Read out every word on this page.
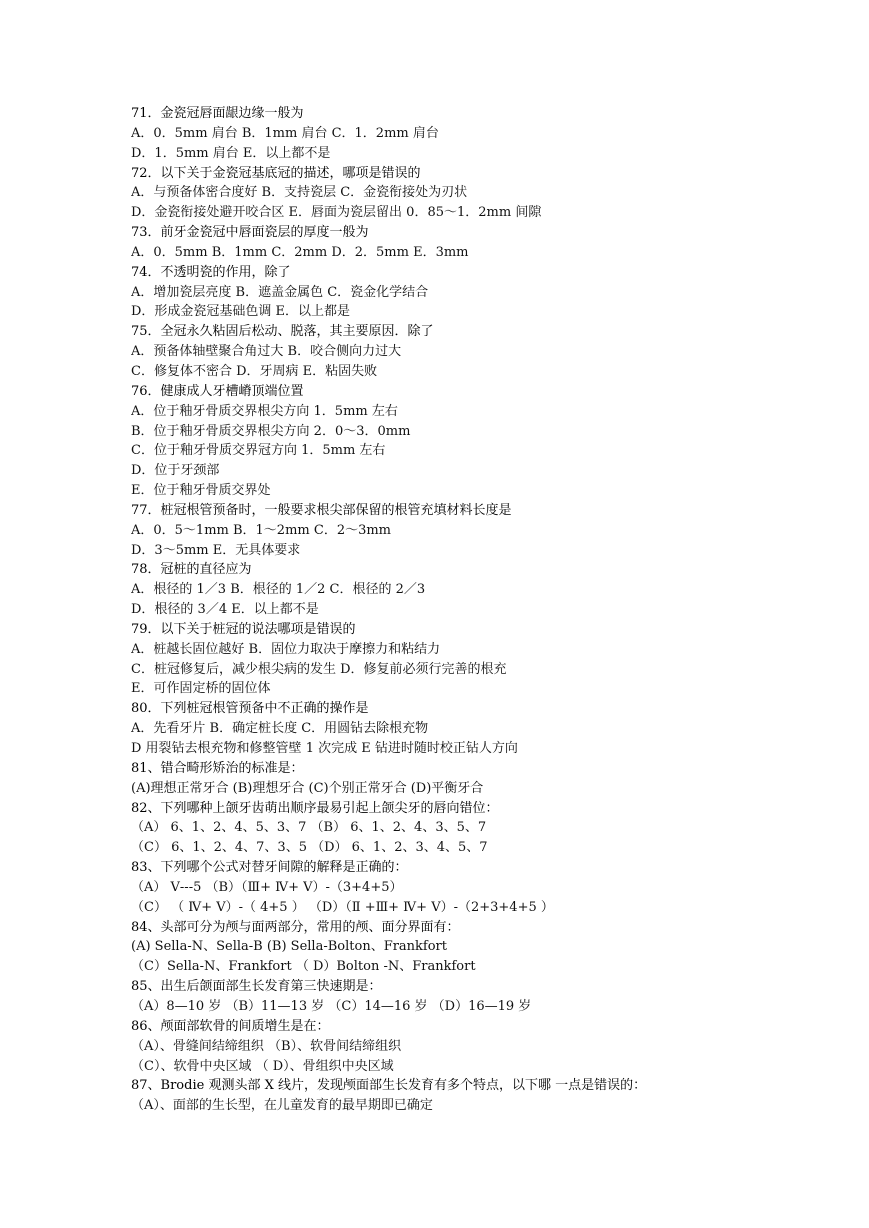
71．金瓷冠唇面龈边缘一般为
A．0．5mm 肩台 B．1mm 肩台 C．1．2mm 肩台
D．1．5mm 肩台 E．以上都不是
72．以下关于金瓷冠基底冠的描述，哪项是错误的
A．与预备体密合度好 B．支持瓷层 C．金瓷衔接处为刃状
D．金瓷衔接处避开咬合区 E．唇面为瓷层留出 0．85～1．2mm 间隙
73．前牙金瓷冠中唇面瓷层的厚度一般为
A．0．5mm B．1mm C．2mm D．2．5mm E．3mm
74．不透明瓷的作用，除了
A．增加瓷层亮度 B．遮盖金属色 C．瓷金化学结合
D．形成金瓷冠基础色调 E．以上都是
75．全冠永久粘固后松动、脱落，其主要原因．除了
A．预备体轴壁聚合角过大 B．咬合侧向力过大
C．修复体不密合 D．牙周病 E．粘固失败
76．健康成人牙槽嵴顶端位置
A．位于釉牙骨质交界根尖方向 1．5mm 左右
B．位于釉牙骨质交界根尖方向 2．0～3．0mm
C．位于釉牙骨质交界冠方向 1．5mm 左右
D．位于牙颈部
E．位于釉牙骨质交界处
77．桩冠根管预备时，一般要求根尖部保留的根管充填材料长度是
A．0．5～1mm B．1～2mm C．2～3mm
D．3～5mm E．无具体要求
78．冠桩的直径应为
A．根径的 1／3 B．根径的 1／2 C．根径的 2／3
D．根径的 3／4 E．以上都不是
79．以下关于桩冠的说法哪项是错误的
A．桩越长固位越好 B．固位力取决于摩擦力和粘结力
C．桩冠修复后，减少根尖病的发生 D．修复前必须行完善的根充
E．可作固定桥的固位体
80．下列桩冠根管预备中不正确的操作是
A．先看牙片 B．确定桩长度 C．用圆钻去除根充物
D 用裂钻去根充物和修整管壁 1 次完成 E 钻进时随时校正钻人方向
81、错合畸形矫治的标准是：
(A)理想正常牙合 (B)理想牙合 (C)个别正常牙合 (D)平衡牙合
82、下列哪种上颌牙齿萌出顺序最易引起上颌尖牙的唇向错位：
（A） 6、1、2、4、5、3、7 （B） 6、1、2、4、3、5、7
（C） 6、1、2、4、7、3、5 （D） 6、1、2、3、4、5、7
83、下列哪个公式对替牙间隙的解释是正确的：
（A） Ⅴ---5 （B）（Ⅲ+ Ⅳ+ Ⅴ）-（3+4+5）
（C） （ Ⅳ+ Ⅴ）-（ 4+5 ） （D）（Ⅱ +Ⅲ+ Ⅳ+ Ⅴ）-（2+3+4+5 ）
84、头部可分为颅与面两部分，常用的颅、面分界面有：
(A) Sella-N、Sella-B (B) Sella-Bolton、Frankfort
（C）Sella-N、Frankfort （ D）Bolton -N、Frankfort
85、出生后颌面部生长发育第三快速期是：
（A）8—10 岁 （B）11—13 岁 （C）14—16 岁 （D）16—19 岁
86、颅面部软骨的间质增生是在：
（A）、骨缝间结缔组织 （B）、软骨间结缔组织
（C）、软骨中央区域 （ D）、骨组织中央区域
87、Brodie 观测头部 X 线片，发现颅面部生长发育有多个特点，以下哪 一点是错误的：
（A）、面部的生长型，在儿童发育的最早期即已确定
